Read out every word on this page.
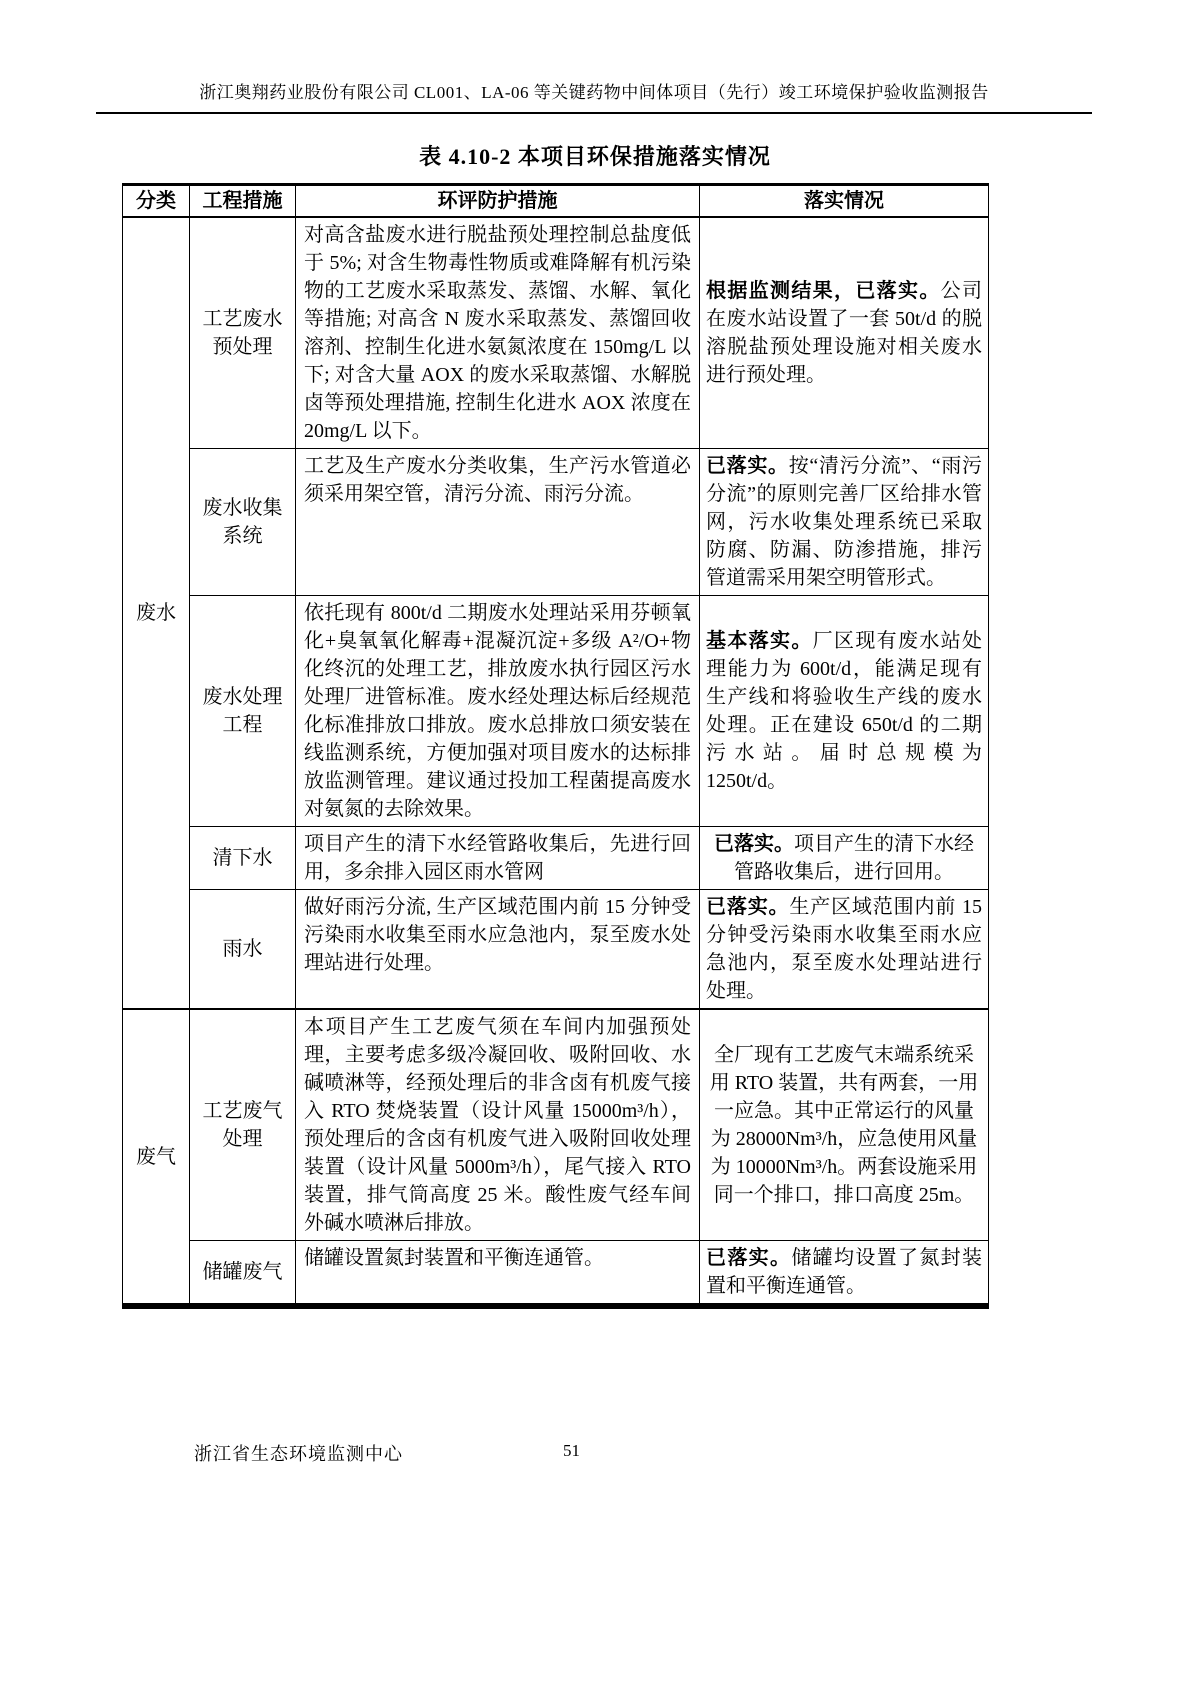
浙江奥翔药业股份有限公司 CL001、LA-06 等关键药物中间体项目（先行）竣工环境保护验收监测报告
表 4.10-2 本项目环保措施落实情况
分类	工程措施	环评防护措施	落实情况
废水	工艺废水预处理	对高含盐废水进行脱盐预处理控制总盐度低于 5%; 对含生物毒性物质或难降解有机污染物的工艺废水采取蒸发、蒸馏、水解、氧化等措施; 对高含 N 废水采取蒸发、蒸馏回收溶剂、控制生化进水氨氮浓度在 150mg/L 以下; 对含大量 AOX 的废水采取蒸馏、水解脱卤等预处理措施, 控制生化进水 AOX 浓度在 20mg/L 以下。	根据监测结果，已落实。公司在废水站设置了一套 50t/d 的脱溶脱盐预处理设施对相关废水进行预处理。
	废水收集系统	工艺及生产废水分类收集，生产污水管道必须采用架空管，清污分流、雨污分流。	已落实。按“清污分流”、“雨污分流”的原则完善厂区给排水管网，污水收集处理系统已采取防腐、防漏、防渗措施，排污管道需采用架空明管形式。
	废水处理工程	依托现有 800t/d 二期废水处理站采用芬顿氧化+臭氧氧化解毒+混凝沉淀+多级 A²/O+物化终沉的处理工艺，排放废水执行园区污水处理厂进管标准。废水经处理达标后经规范化标准排放口排放。废水总排放口须安装在线监测系统，方便加强对项目废水的达标排放监测管理。建议通过投加工程菌提高废水对氨氮的去除效果。	基本落实。厂区现有废水站处理能力为 600t/d，能满足现有生产线和将验收生产线的废水处理。正在建设 650t/d 的二期污水站。届时总规模为 1250t/d。
	清下水	项目产生的清下水经管路收集后，先进行回用，多余排入园区雨水管网	已落实。项目产生的清下水经管路收集后，进行回用。
	雨水	做好雨污分流, 生产区域范围内前 15 分钟受污染雨水收集至雨水应急池内，泵至废水处理站进行处理。	已落实。生产区域范围内前 15 分钟受污染雨水收集至雨水应急池内，泵至废水处理站进行处理。
废气	工艺废气处理	本项目产生工艺废气须在车间内加强预处理，主要考虑多级冷凝回收、吸附回收、水碱喷淋等，经预处理后的非含卤有机废气接入 RTO 焚烧装置（设计风量 15000m³/h），预处理后的含卤有机废气进入吸附回收处理装置（设计风量 5000m³/h），尾气接入 RTO 装置，排气筒高度 25 米。酸性废气经车间外碱水喷淋后排放。	全厂现有工艺废气末端系统采用 RTO 装置，共有两套，一用一应急。其中正常运行的风量为 28000Nm³/h，应急使用风量为 10000Nm³/h。两套设施采用同一个排口，排口高度 25m。
	储罐废气	储罐设置氮封装置和平衡连通管。	已落实。储罐均设置了氮封装置和平衡连通管。
浙江省生态环境监测中心	51
